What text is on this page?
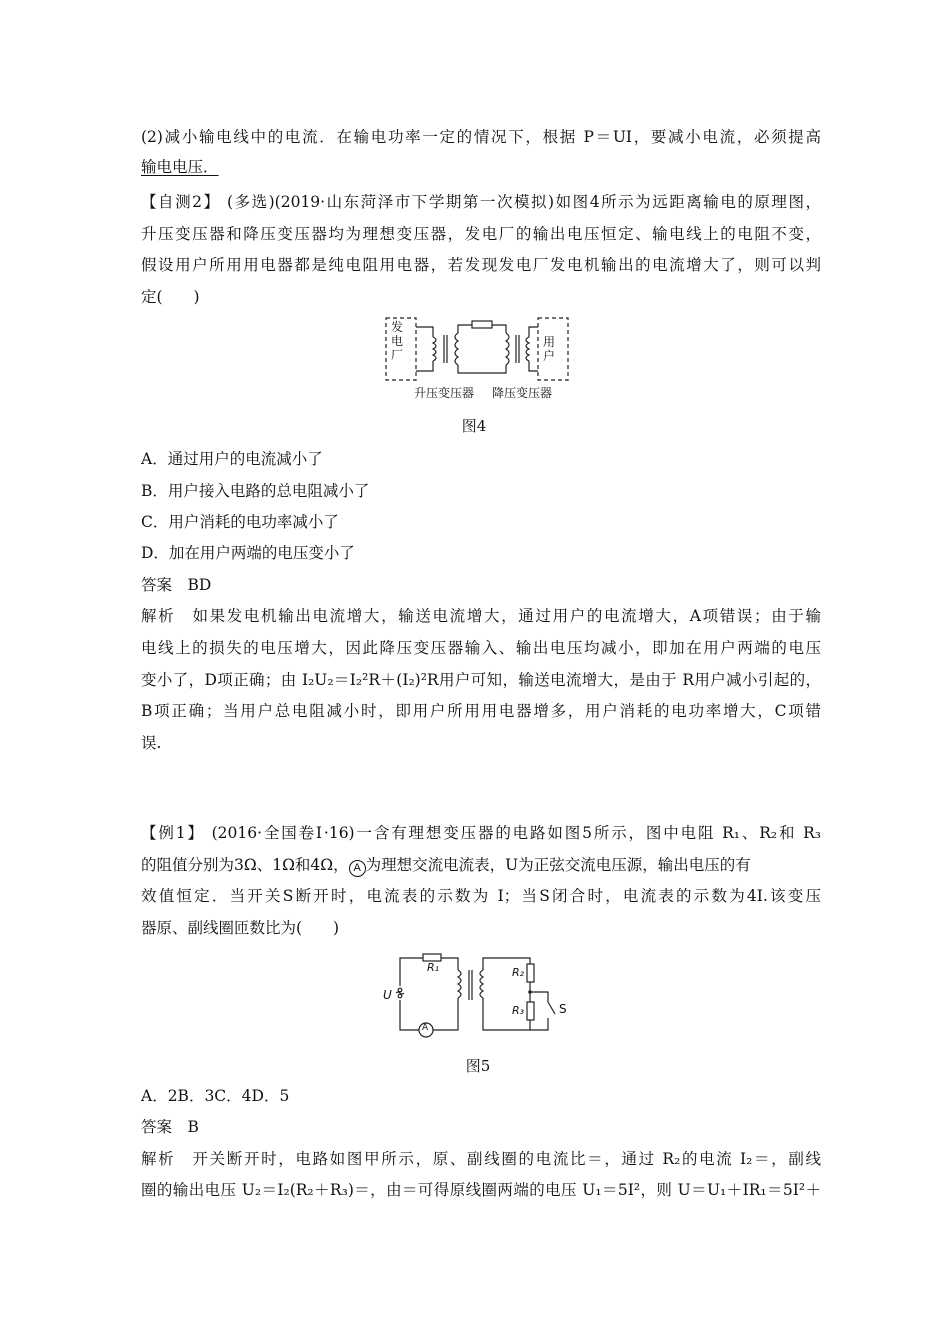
(2)减小输电线中的电流．在输电功率一定的情况下，根据 P＝UI，要减小电流，必须提高
输电电压．
【自测2】 (多选)(2019·山东菏泽市下学期第一次模拟)如图4所示为远距离输电的原理图，
升压变压器和降压变压器均为理想变压器，发电厂的输出电压恒定、输电线上的电阻不变，
假设用户所用用电器都是纯电阻用电器，若发现发电厂发电机输出的电流增大了，则可以判
定(　　)
发电厂
用户
升压变压器 降压变压器
图4
A．通过用户的电流减小了
B．用户接入电路的总电阻减小了
C．用户消耗的电功率减小了
D．加在用户两端的电压变小了
答案　BD
解析　如果发电机输出电流增大，输送电流增大，通过用户的电流增大，A项错误；由于输
电线上的损失的电压增大，因此降压变压器输入、输出电压均减小，即加在用户两端的电压
变小了，D项正确；由 I₂U₂＝I₂²R＋(I₂)²R用户可知，输送电流增大，是由于 R用户减小引起的，
B项正确；当用户总电阻减小时，即用户所用用电器增多，用户消耗的电功率增大，C项错
误.
【例1】 (2016·全国卷Ⅰ·16)一含有理想变压器的电路如图5所示，图中电阻 R₁、R₂和 R₃
的阻值分别为3Ω、1Ω和4Ω， A 为理想交流电流表，U为正弦交流电压源，输出电压的有
效值恒定．当开关S断开时，电流表的示数为 I；当S闭合时，电流表的示数为4I.该变压
器原、副线圈匝数比为(　　)
R₁	R₂
R₃
U
A
S
图5
A．2B．3C．4D．5
答案　B
解析　开关断开时，电路如图甲所示，原、副线圈的电流比＝，通过 R₂的电流 I₂＝，副线
圈的输出电压 U₂＝I₂(R₂＋R₃)＝，由＝可得原线圈两端的电压 U₁＝5I²，则 U＝U₁＋IR₁＝5I²＋
